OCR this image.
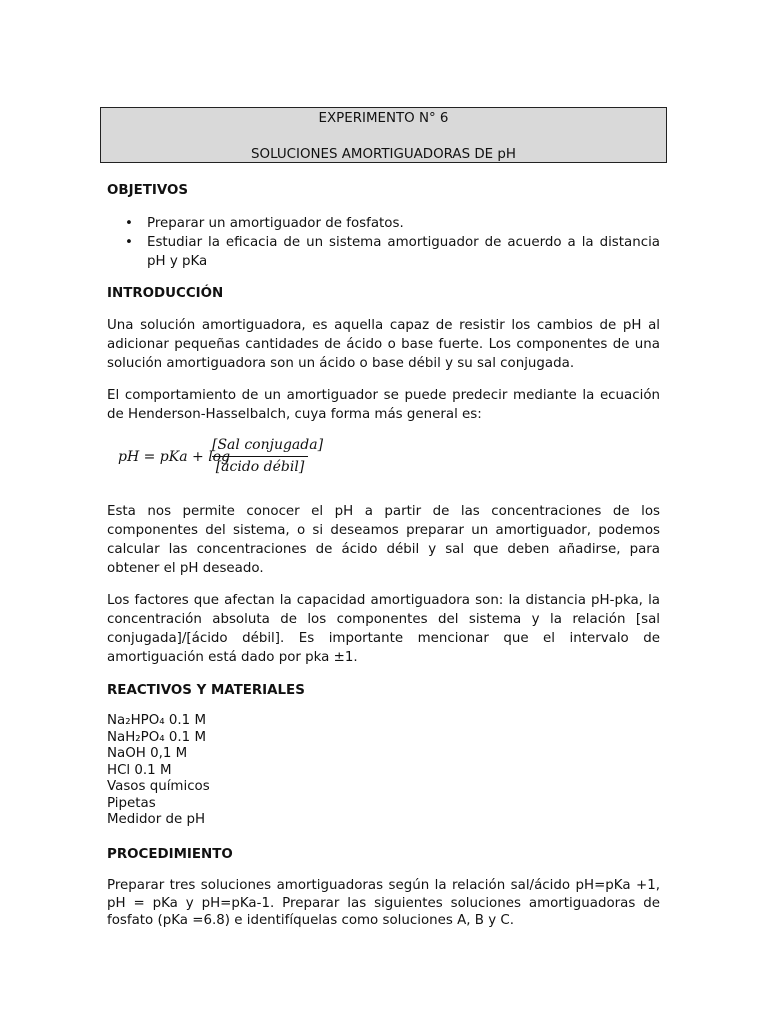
EXPERIMENTO N° 6
SOLUCIONES AMORTIGUADORAS DE pH
OBJETIVOS
• Preparar un amortiguador de fosfatos.
• Estudiar la eficacia de un sistema amortiguador de acuerdo a la distancia pH y pKa
INTRODUCCIÓN
Una solución amortiguadora, es aquella capaz de resistir los cambios de pH al adicionar pequeñas cantidades de ácido o base fuerte. Los componentes de una solución amortiguadora son un ácido o base débil y su sal conjugada.
El comportamiento de un amortiguador se puede predecir mediante la ecuación de Henderson-Hasselbalch, cuya forma más general es:
pH = pKa + log
[Sal conjugada]
[ácido débil]
Esta nos permite conocer el pH a partir de las concentraciones de los componentes del sistema, o si deseamos preparar un amortiguador, podemos calcular las concentraciones de ácido débil y sal que deben añadirse, para obtener el pH deseado.
Los factores que afectan la capacidad amortiguadora son: la distancia pH-pka, la concentración absoluta de los componentes del sistema y la relación [sal conjugada]/[ácido débil]. Es importante mencionar que el intervalo de amortiguación está dado por pka ±1.
REACTIVOS Y MATERIALES
Na₂HPO₄ 0.1 M
NaH₂PO₄ 0.1 M
NaOH 0,1 M
HCl 0.1 M
Vasos químicos
Pipetas
Medidor de pH
PROCEDIMIENTO
Preparar tres soluciones amortiguadoras según la relación sal/ácido pH=pKa +1, pH = pKa y pH=pKa-1. Preparar las siguientes soluciones amortiguadoras de fosfato (pKa =6.8) e identifíquelas como soluciones A, B y C.
